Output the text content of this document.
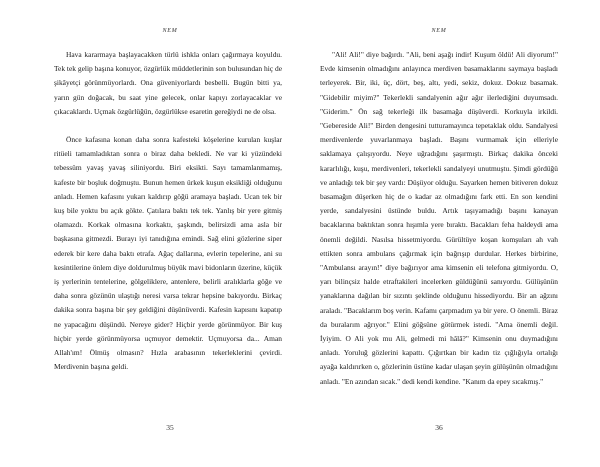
NEM

Hava kararmaya başlayacakken türlü ishkla onları çağırmaya koyuldu. Tek tek gelip başına konuyor, özgürlük müddetlerinin son bulusundan hiç de şikâyetçi görünmüyorlardı. Ona güveniyorlardı besbelli. Bugün bitti ya, yarın gün doğacak, bu saat yine gelecek, onlar kapıyı zorlayacaklar ve çıkacaklardı. Uçmak özgürlüğün, özgürlükse esaretin gereğiydi ne de olsa.

Önce kafasına konan daha sonra kafesteki köşelerine kurulan kuşlar ritüeli tamamladıktan sonra o biraz daha bekledi. Ne var ki yüzündeki tebessüm yavaş yavaş siliniyordu. Biri eksikti. Sayı tamamlanmamış, kafeste bir boşluk doğmuştu. Bunun hemen ürkek kuşun eksikliği olduğunu anladı. Hemen kafasını yukarı kaldırıp göğü aramaya başladı. Ucan tek bir kuş bile yoktu bu açık gökte. Çatılara baktı tek tek. Yanlış bir yere gitmiş olamazdı. Korkak olmasına korkaktı, şaşkındı, belirsizdi ama asla bir başkasına gitmezdi. Burayı iyi tanıdığına emindi. Sağ elini gözlerine siper ederek bir kere daha baktı etrafa. Ağaç dallarına, evlerin tepelerine, ani su kesintilerine önlem diye doldurulmuş büyük mavi bidonların üzerine, küçük iş yerlerinin tentelerine, gölgeliklere, antenlere, belirli aralıklarla göğe ve daha sonra gözünün ulaştığı neresi varsa tekrar hepsine bakıyordu. Birkaç dakika sonra başına bir şey geldiğini düşünüverdi. Kafesin kapısını kapatıp ne yapacağını düşündü. Nereye gider? Hiçbir yerde görünmüyor. Bir kuş hiçbir yerde görünmüyorsa uçmuyor demektir. Uçmuyorsa da... Aman Allah'ım! Ölmüş olmasın? Hızla arabasının tekerleklerini çevirdi. Merdivenin başına geldi.

35
NEM

"Ali! Ali!" diye bağırdı. "Ali, beni aşağı indir! Kuşum öldü! Ali diyorum!" Evde kimsenin olmadığını anlayınca merdiven basamaklarını saymaya başladı terleyerek. Bir, iki, üç, dört, beş, altı, yedi, sekiz, dokuz. Dokuz basamak. "Gidebilir miyim?" Tekerlekli sandalyenin ağır ağır ilerlediğini duyumsadı. "Giderim." Ön sağ tekerleği ilk basamağa düşüverdi. Korkuyla irkildi. "Gebereside Ali!" Birden dengesini tutturamayınca tepetaklak oldu. Sandalyesi merdivenlerde yuvarlanmaya başladı. Başını vurmamak için elleriyle saklamaya çalışıyordu. Neye uğradığını şaşırmıştı. Birkaç dakika önceki kararlılığı, kuşu, merdivenleri, tekerlekli sandalyeyi unutmuştu. Şimdi gördüğü ve anladığı tek bir şey vardı: Düşüyor olduğu. Sayarken hemen bitiveren dokuz basamağın düşerken hiç de o kadar az olmadığını fark etti. En son kendini yerde, sandalyesini üstünde buldu. Artık taşıyamadığı başını kanayan bacaklarına baktıktan sonra hışımla yere bıraktı. Bacakları feha haldeydi ama önemli değildi. Nasılsa hissetmiyordu. Gürültüye koşan komşuları ah vah ettikten sonra ambulans çağırmak için bağrışıp durdular. Herkes birbirine, "Ambulansı arayın!" diye bağırıyor ama kimsenin eli telefona gitmiyordu. O, yarı bilinçsiz halde etraftakileri incelerken güldüğünü sanıyordu. Gülüşünün yanaklarına dağılan bir sızıntı şeklinde olduğunu hissediyordu. Bir an ağzını araladı. "Bacaklarım boş verin. Kafamı çarpmadım ya bir yere. O önemli. Biraz da buralarım ağrıyor." Elini göğsüne götürmek istedi. "Ama önemli değil. İyiyim. O Ali yok mu Ali, gelmedi mi hâlâ?" Kimsenin onu duymadığını anladı. Yoruluğ gözlerini kapattı. Çığırtkan bir kadın tiz çığlığıyla ortalığı ayağa kaldırırken o, gözlerinin üstüne kadar ulaşan şeyin gülüşünün olmadığını anladı. "En azından sıcak." dedi kendi kendine. "Kanım da epey sıcakmış."

36
